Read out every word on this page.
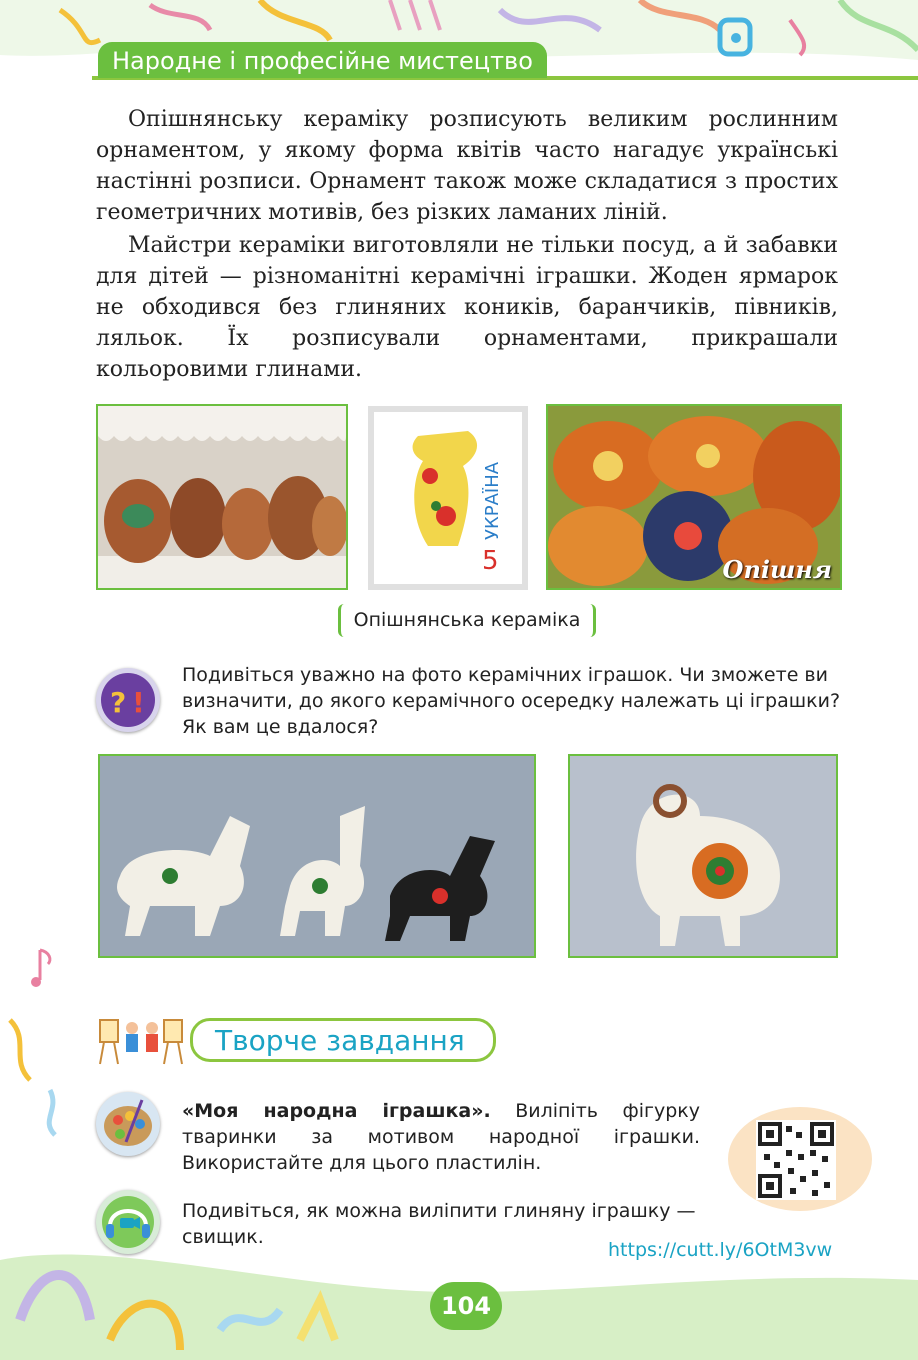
Народне і професійне мистецтво

Опішнянську кераміку розписують великим рослинним орнаментом, у якому форма квітів часто нагадує українські настінні розписи. Орнамент також може складатися з простих геометричних мотивів, без різких ламаних ліній.

Майстри кераміки виготовляли не тільки посуд, а й забавки для дітей — різноманітні керамічні іграшки. Жоден ярмарок не обходився без глиняних коників, баранчиків, півників, ляльок. Їх розписували орнаментами, прикрашали кольоровими глинами.

УКРАЇНА
5	Опішня
Опішнянська кераміка
? !
Подивіться уважно на фото керамічних іграшок. Чи зможете ви визначити, до якого керамічного осередку належать ці іграшки? Як вам це вдалося?
Творче завдання
«Моя народна іграшка». Виліпіть фігурку тваринки за мотивом народної іграшки. Використайте для цього пластилін.
Подивіться, як можна виліпити глиняну іграшку — свищик.
https://cutt.ly/6OtM3vw
104
